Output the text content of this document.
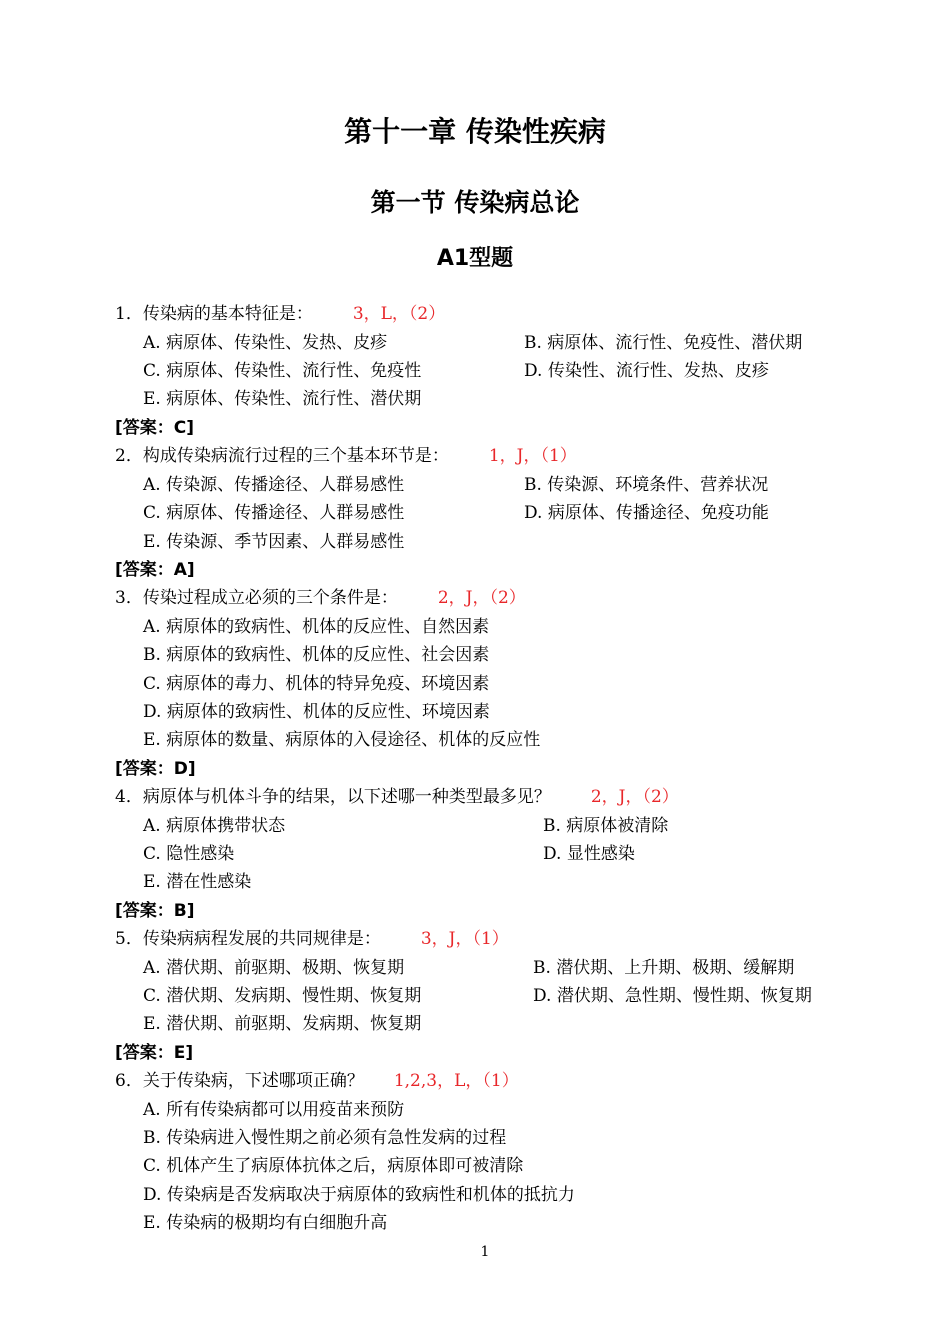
第十一章 传染性疾病
第一节 传染病总论
A1型题
1．传染病的基本特征是： 3，L，（2）
A. 病原体、传染性、发热、皮疹	B. 病原体、流行性、免疫性、潜伏期
C. 病原体、传染性、流行性、免疫性	D. 传染性、流行性、发热、皮疹
E. 病原体、传染性、流行性、潜伏期
[答案：C]
2．构成传染病流行过程的三个基本环节是： 1，J，（1）
A. 传染源、传播途径、人群易感性	B. 传染源、环境条件、营养状况
C. 病原体、传播途径、人群易感性	D. 病原体、传播途径、免疫功能
E. 传染源、季节因素、人群易感性
[答案：A]
3．传染过程成立必须的三个条件是： 2，J，（2）
A. 病原体的致病性、机体的反应性、自然因素
B. 病原体的致病性、机体的反应性、社会因素
C. 病原体的毒力、机体的特异免疫、环境因素
D. 病原体的致病性、机体的反应性、环境因素
E. 病原体的数量、病原体的入侵途径、机体的反应性
[答案：D]
4．病原体与机体斗争的结果，以下述哪一种类型最多见？ 2，J，（2）
A. 病原体携带状态	B. 病原体被清除
C. 隐性感染	D. 显性感染
E. 潜在性感染
[答案：B]
5．传染病病程发展的共同规律是： 3，J，（1）
A. 潜伏期、前驱期、极期、恢复期	B. 潜伏期、上升期、极期、缓解期
C. 潜伏期、发病期、慢性期、恢复期	D. 潜伏期、急性期、慢性期、恢复期
E. 潜伏期、前驱期、发病期、恢复期
[答案：E]
6．关于传染病，下述哪项正确？ 1,2,3，L，（1）
A. 所有传染病都可以用疫苗来预防
B. 传染病进入慢性期之前必须有急性发病的过程
C. 机体产生了病原体抗体之后，病原体即可被清除
D. 传染病是否发病取决于病原体的致病性和机体的抵抗力
E. 传染病的极期均有白细胞升高
1
